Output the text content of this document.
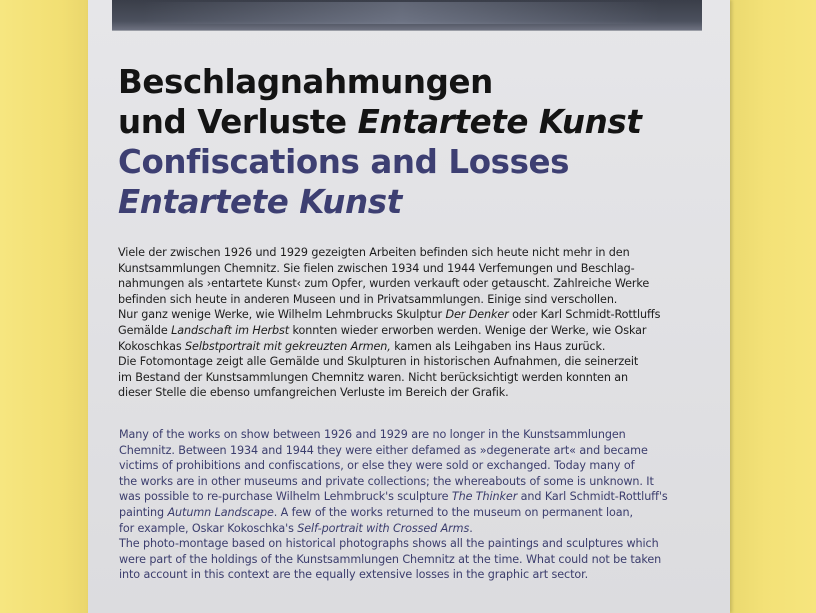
Beschlagnahmungen
und Verluste Entartete Kunst
Confiscations and Losses
Entartete Kunst
Viele der zwischen 1926 und 1929 gezeigten Arbeiten befinden sich heute nicht mehr in den
Kunstsammlungen Chemnitz. Sie fielen zwischen 1934 und 1944 Verfemungen und Beschlag-
nahmungen als ›entartete Kunst‹ zum Opfer, wurden verkauft oder getauscht. Zahlreiche Werke
befinden sich heute in anderen Museen und in Privatsammlungen. Einige sind verschollen.
Nur ganz wenige Werke, wie Wilhelm Lehmbrucks Skulptur Der Denker oder Karl Schmidt-Rottluffs
Gemälde Landschaft im Herbst konnten wieder erworben werden. Wenige der Werke, wie Oskar
Kokoschkas Selbstportrait mit gekreuzten Armen, kamen als Leihgaben ins Haus zurück.
Die Fotomontage zeigt alle Gemälde und Skulpturen in historischen Aufnahmen, die seinerzeit
im Bestand der Kunstsammlungen Chemnitz waren. Nicht berücksichtigt werden konnten an
dieser Stelle die ebenso umfangreichen Verluste im Bereich der Grafik.
Many of the works on show between 1926 and 1929 are no longer in the Kunstsammlungen
Chemnitz. Between 1934 and 1944 they were either defamed as »degenerate art« and became
victims of prohibitions and confiscations, or else they were sold or exchanged. Today many of
the works are in other museums and private collections; the whereabouts of some is unknown. It
was possible to re-purchase Wilhelm Lehmbruck's sculpture The Thinker and Karl Schmidt-Rottluff's
painting Autumn Landscape. A few of the works returned to the museum on permanent loan,
for example, Oskar Kokoschka's Self-portrait with Crossed Arms.
The photo-montage based on historical photographs shows all the paintings and sculptures which
were part of the holdings of the Kunstsammlungen Chemnitz at the time. What could not be taken
into account in this context are the equally extensive losses in the graphic art sector.
